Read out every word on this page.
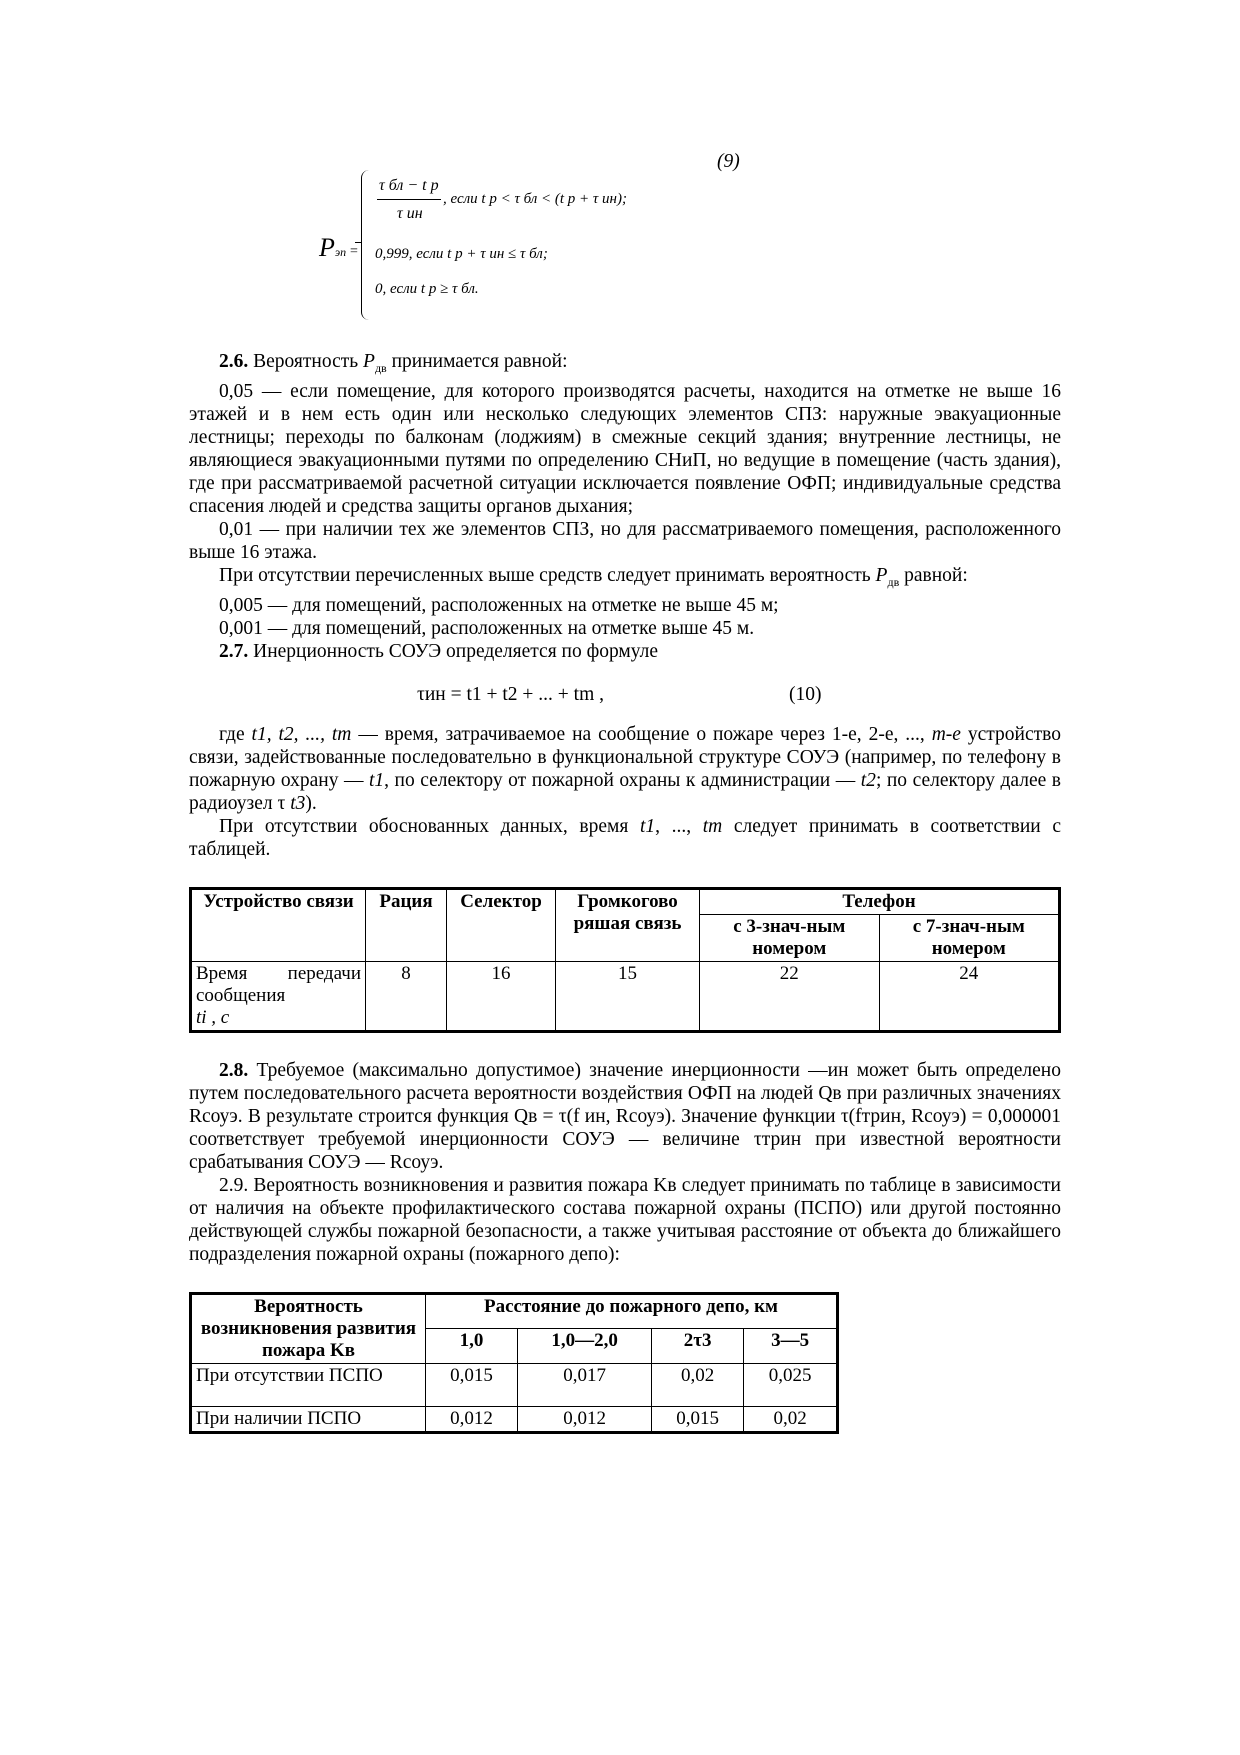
(9)
Pэп =
τ бл − t р
τ ин
, если t р < τ бл < (t р + τ ин);
0,999, если t р + τ ин ≤ τ бл;
0, если t р ≥ τ бл.

2.6. Вероятность $P_{дв}$ принимается равной:

0,05 — если помещение, для которого производятся расчеты, находится на отметке не выше 16 этажей и в нем есть один или несколько следующих элементов СПЗ: наружные эвакуационные лестницы; переходы по балконам (лоджиям) в смежные секций здания; внутренние лестницы, не являющиеся эвакуационными путями по определению СНиП, но ведущие в помещение (часть здания), где при рассматриваемой расчетной ситуации исключается появление ОФП; индивидуальные средства спасения людей и средства защиты органов дыхания;

0,01 — при наличии тех же элементов СПЗ, но для рассматриваемого помещения, расположенного выше 16 этажа.

При отсутствии перечисленных выше средств следует принимать вероятность $P_{дв}$ равной:

0,005 — для помещений, расположенных на отметке не выше 45 м;

0,001 — для помещений, расположенных на отметке выше 45 м.

2.7. Инерционность СОУЭ определяется по формуле

τин = t1 + t2 + ... + tm ,	(10)

где t1, t2, ..., tm — время, затрачиваемое на сообщение о пожаре через 1-е, 2-е, ..., m-е устройство связи, задействованные последовательно в функциональной структуре СОУЭ (например, по телефону в пожарную охрану — t1, по селектору от пожарной охраны к администрации — t2; по селектору далее в радиоузел τ t3).

При отсутствии обоснованных данных, время t1, ..., tm следует принимать в соответствии с таблицей.

Устройство связи	Рация	Селектор	Громкогово ряшая связь	Телефон	
				с 3-знач-ным номером	с 7-знач-ным номером
Время передачи сообщения
ti , с	8	16	15	22	24

2.8. Требуемое (максимально допустимое) значение инерционности —ин может быть определено путем последовательного расчета вероятности воздействия ОФП на людей Qв при различных значениях Rсоуэ. В результате строится функция Qв = τ(f ин, Rсоуэ). Значение функции τ(fтрин, Rсоуэ) = 0,000001 соответствует требуемой инерционности СОУЭ — величине τтрин при известной вероятности срабатывания СОУЭ — Rсоуэ.

2.9. Вероятность возникновения и развития пожара Kв следует принимать по таблице в зависимости от наличия на объекте профилактического состава пожарной охраны (ПСПО) или другой постоянно действующей службы пожарной безопасности, а также учитывая расстояние от объекта до ближайшего подразделения пожарной охраны (пожарного депо):

Вероятность возникновения развития пожара Kв	Расстояние до пожарного депо, км			
	1,0	1,0—2,0	2τ3	3—5
При отсутствии ПСПО	0,015	0,017	0,02	0,025
При наличии ПСПО	0,012	0,012	0,015	0,02
